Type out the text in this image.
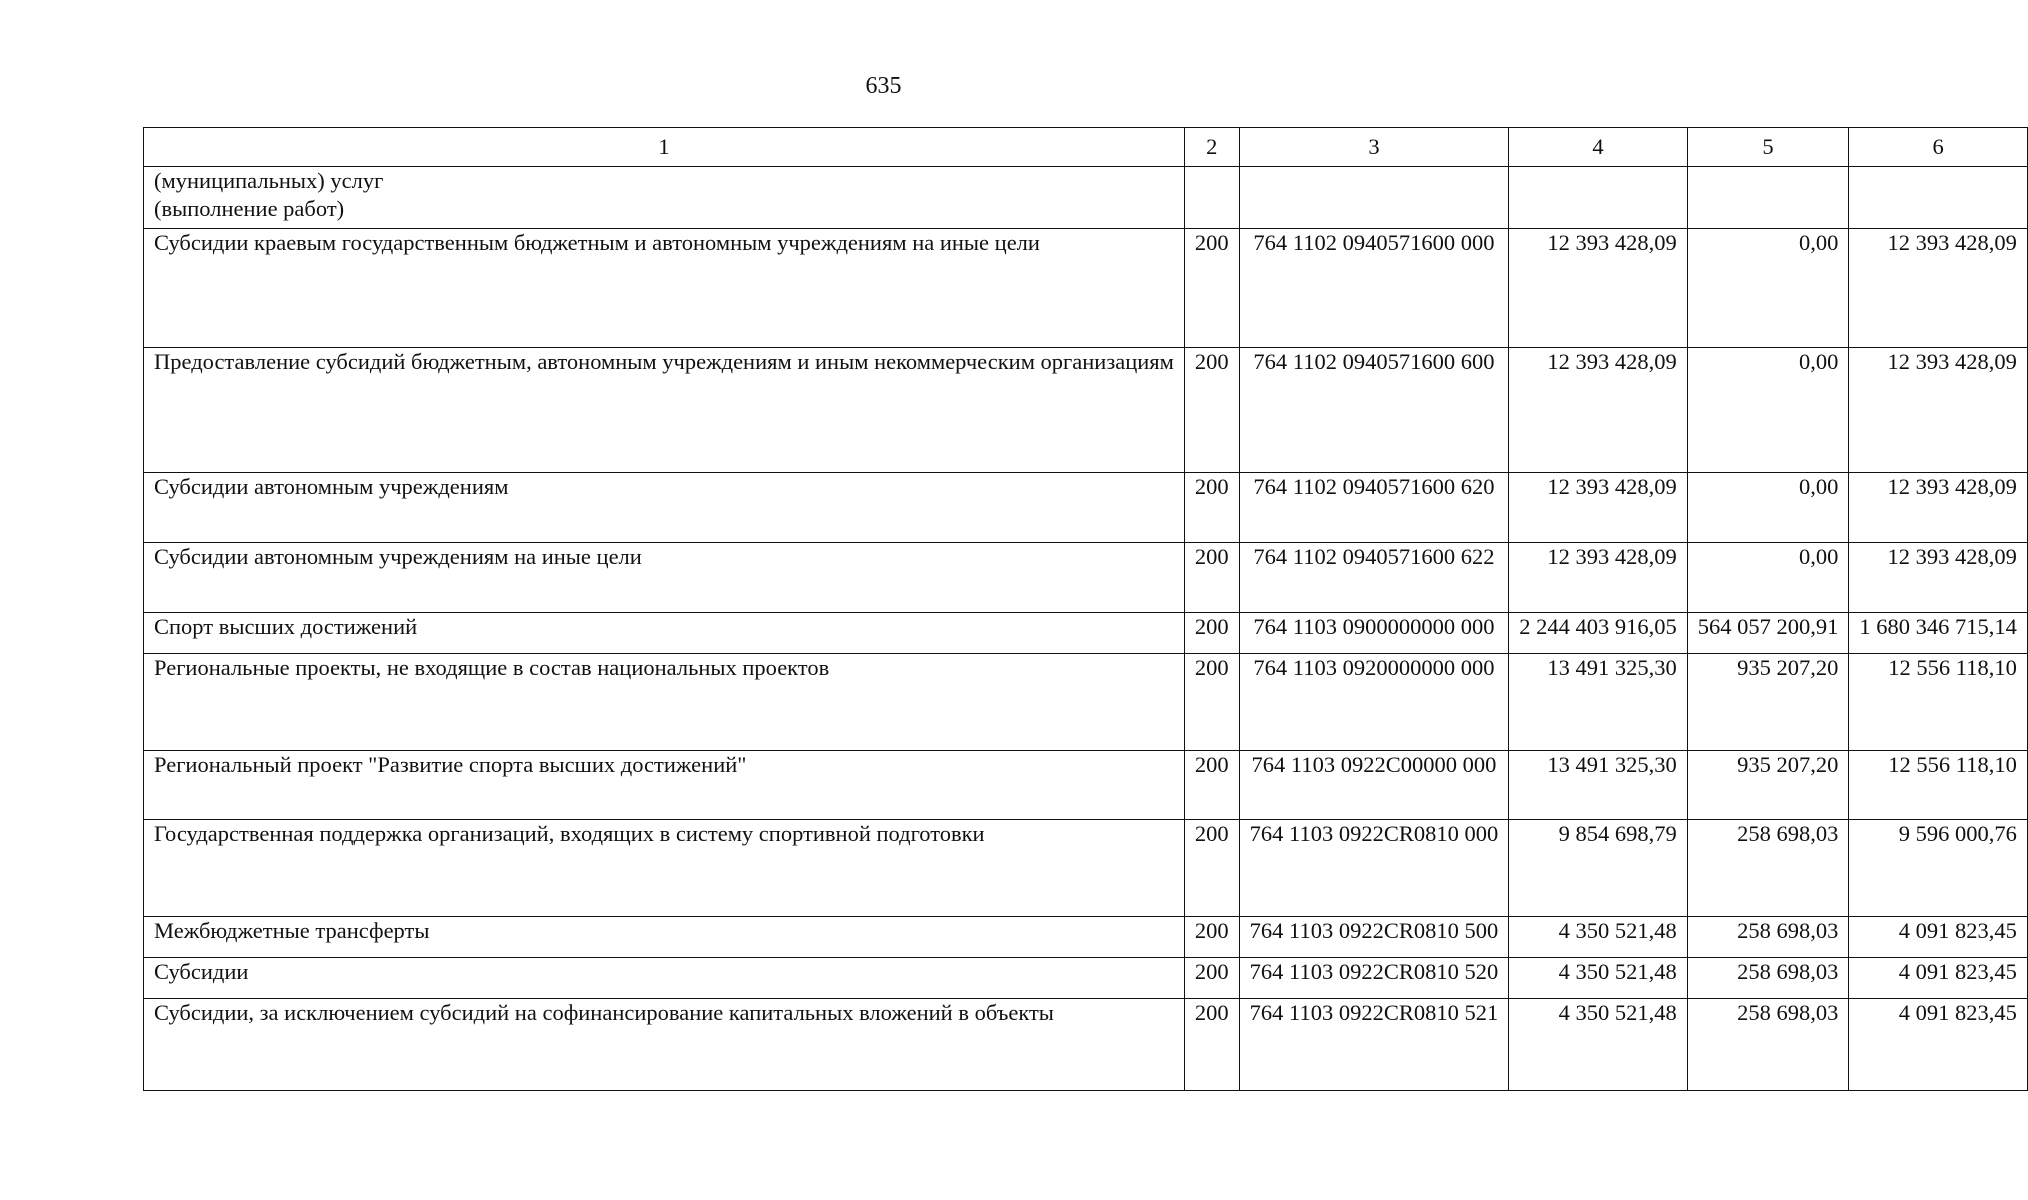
635
1	2	3	4	5	6
(муниципальных) услуг
(выполнение работ)					
Субсидии краевым государственным бюджетным и автономным учреждениям на иные цели	200	764 1102 0940571600 000	12 393 428,09	0,00	12 393 428,09
Предоставление субсидий бюджетным, автономным учреждениям и иным некоммерческим организациям	200	764 1102 0940571600 600	12 393 428,09	0,00	12 393 428,09
Субсидии автономным учреждениям	200	764 1102 0940571600 620	12 393 428,09	0,00	12 393 428,09
Субсидии автономным учреждениям на иные цели	200	764 1102 0940571600 622	12 393 428,09	0,00	12 393 428,09
Спорт высших достижений	200	764 1103 0900000000 000	2 244 403 916,05	564 057 200,91	1 680 346 715,14
Региональные проекты, не входящие в состав национальных проектов	200	764 1103 0920000000 000	13 491 325,30	935 207,20	12 556 118,10
Региональный проект "Развитие спорта высших достижений"	200	764 1103 0922C00000 000	13 491 325,30	935 207,20	12 556 118,10
Государственная поддержка организаций, входящих в систему спортивной подготовки	200	764 1103 0922CR0810 000	9 854 698,79	258 698,03	9 596 000,76
Межбюджетные трансферты	200	764 1103 0922CR0810 500	4 350 521,48	258 698,03	4 091 823,45
Субсидии	200	764 1103 0922CR0810 520	4 350 521,48	258 698,03	4 091 823,45
Субсидии, за исключением субсидий на софинансирование капитальных вложений в объекты	200	764 1103 0922CR0810 521	4 350 521,48	258 698,03	4 091 823,45
